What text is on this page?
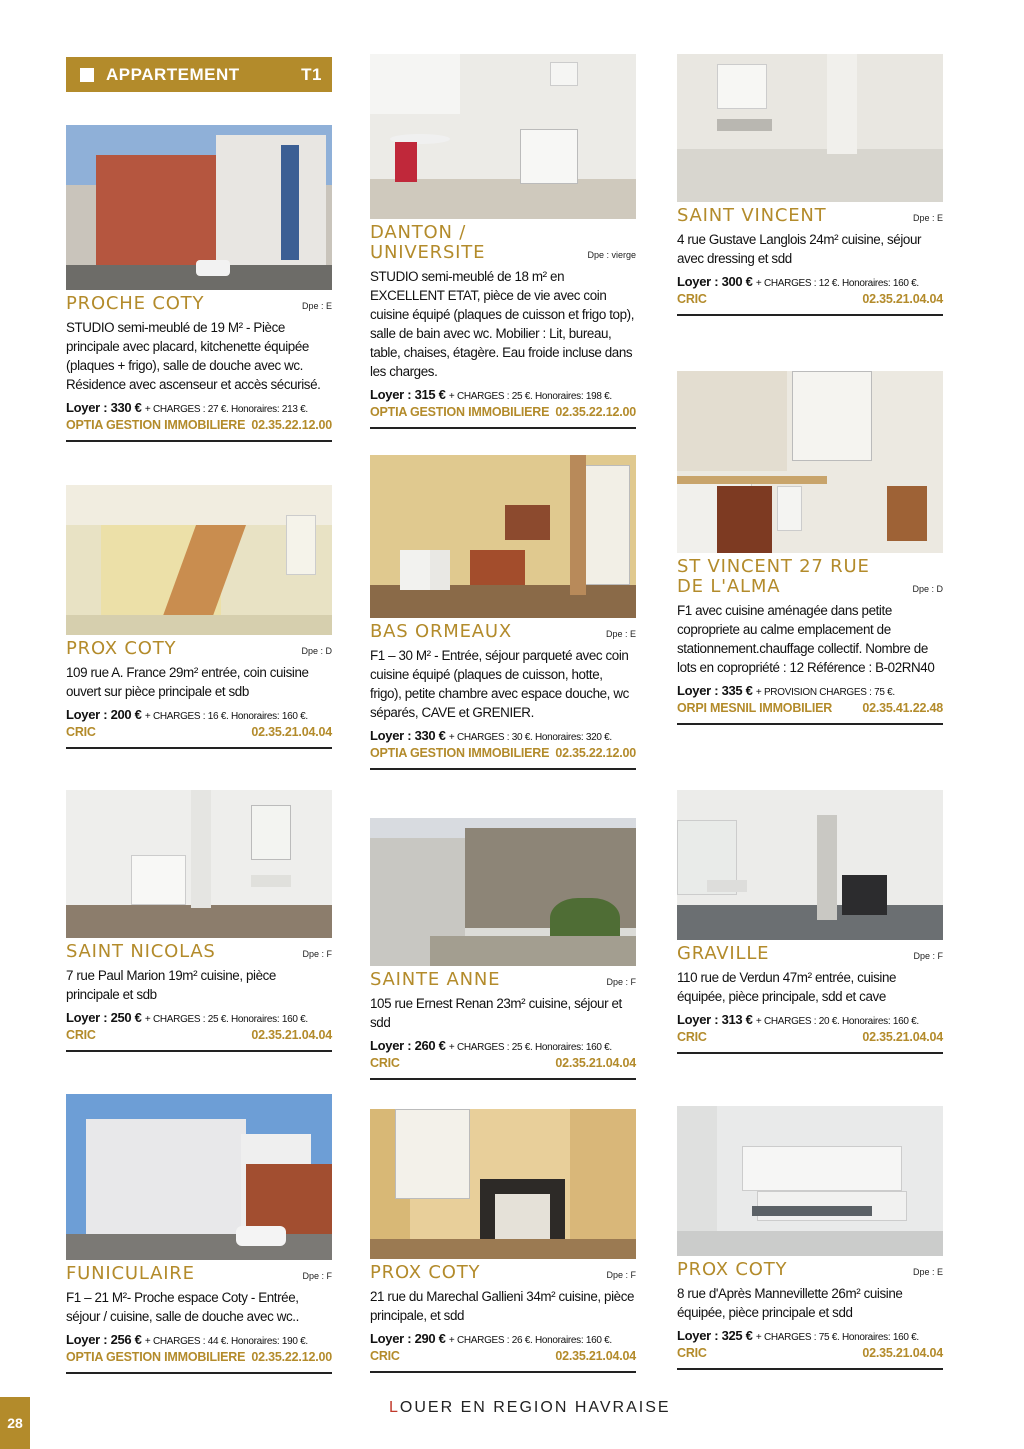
APPARTEMENT	T1
PROCHE COTY	Dpe : E
STUDIO semi-meublé de 19 M² - Pièce principale avec placard, kitchenette équipée (plaques + frigo), salle de douche avec wc. Résidence avec ascenseur et accès sécurisé.
Loyer : 330 € + CHARGES : 27 €. Honoraires: 213 €.
OPTIA GESTION IMMOBILIERE 02.35.22.12.00
DANTON / UNIVERSITE	Dpe : vierge
STUDIO semi-meublé de 18 m² en EXCELLENT ETAT, pièce de vie avec coin cuisine équipé (plaques de cuisson et frigo top), salle de bain avec wc. Mobilier : Lit, bureau, table, chaises, étagère. Eau froide incluse dans les charges.
Loyer : 315 € + CHARGES : 25 €. Honoraires: 198 €.
OPTIA GESTION IMMOBILIERE 02.35.22.12.00
SAINT VINCENT	Dpe : E
4 rue Gustave Langlois 24m² cuisine, séjour avec dressing et sdd
Loyer : 300 € + CHARGES : 12 €. Honoraires: 160 €.
CRIC	02.35.21.04.04
PROX COTY	Dpe : D
109 rue A. France 29m² entrée, coin cuisine ouvert sur pièce principale et sdb
Loyer : 200 € + CHARGES : 16 €. Honoraires: 160 €.
CRIC	02.35.21.04.04
BAS ORMEAUX	Dpe : E
F1 – 30 M² - Entrée, séjour parqueté avec coin cuisine équipé (plaques de cuisson, hotte, frigo), petite chambre avec espace douche, wc séparés, CAVE et GRENIER.
Loyer : 330 € + CHARGES : 30 €. Honoraires: 320 €.
OPTIA GESTION IMMOBILIERE 02.35.22.12.00
ST VINCENT 27 RUE DE L'ALMA	Dpe : D
F1 avec cuisine aménagée dans petite copropriete au calme emplacement de stationnement.chauffage collectif. Nombre de lots en copropriété : 12 Référence : B-02RN40
Loyer : 335 € + PROVISION CHARGES : 75 €.
ORPI MESNIL IMMOBILIER 02.35.41.22.48
SAINT NICOLAS	Dpe : F
7 rue Paul Marion 19m² cuisine, pièce principale et sdb
Loyer : 250 € + CHARGES : 25 €. Honoraires: 160 €.
CRIC	02.35.21.04.04
SAINTE ANNE	Dpe : F
105 rue Ernest Renan 23m² cuisine, séjour et sdd
Loyer : 260 € + CHARGES : 25 €. Honoraires: 160 €.
CRIC	02.35.21.04.04
GRAVILLE	Dpe : F
110 rue de Verdun 47m² entrée, cuisine équipée, pièce principale, sdd et cave
Loyer : 313 € + CHARGES : 20 €. Honoraires: 160 €.
CRIC	02.35.21.04.04
FUNICULAIRE	Dpe : F
F1 – 21 M²- Proche espace Coty - Entrée, séjour / cuisine, salle de douche avec wc..
Loyer : 256 € + CHARGES : 44 €. Honoraires: 190 €.
OPTIA GESTION IMMOBILIERE 02.35.22.12.00
PROX COTY	Dpe : F
21 rue du Marechal Gallieni 34m² cuisine, pièce principale, et sdd
Loyer : 290 € + CHARGES : 26 €. Honoraires: 160 €.
CRIC	02.35.21.04.04
PROX COTY	Dpe : E
8 rue d'Après Mannevillette 26m² cuisine équipée, pièce principale et sdd
Loyer : 325 € + CHARGES : 75 €. Honoraires: 160 €.
CRIC	02.35.21.04.04
28
LOUER EN REGION HAVRAISE
